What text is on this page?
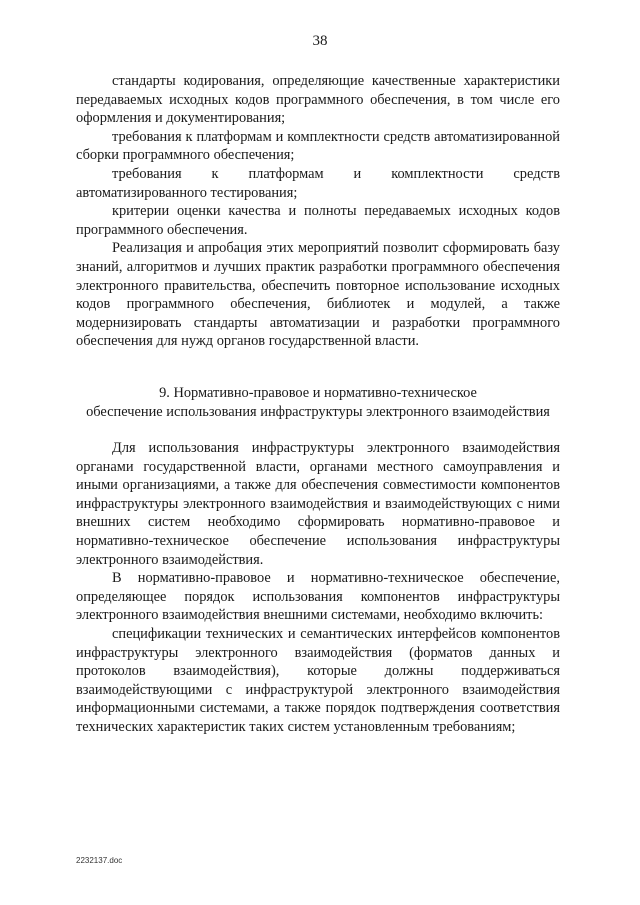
38

стандарты кодирования, определяющие качественные характеристики передаваемых исходных кодов программного обеспечения, в том числе его оформления и документирования;

требования к платформам и комплектности средств автоматизированной сборки программного обеспечения;

требования к платформам и комплектности средств автоматизированного тестирования;

критерии оценки качества и полноты передаваемых исходных кодов программного обеспечения.

Реализация и апробация этих мероприятий позволит сформировать базу знаний, алгоритмов и лучших практик разработки программного обеспечения электронного правительства, обеспечить повторное использование исходных кодов программного обеспечения, библиотек и модулей, а также модернизировать стандарты автоматизации и разработки программного обеспечения для нужд органов государственной власти.

9. Нормативно-правовое и нормативно-техническое
обеспечение использования инфраструктуры электронного взаимодействия

Для использования инфраструктуры электронного взаимодействия органами государственной власти, органами местного самоуправления и иными организациями, а также для обеспечения совместимости компонентов инфраструктуры электронного взаимодействия и взаимодействующих с ними внешних систем необходимо сформировать нормативно-правовое и нормативно-техническое обеспечение использования инфраструктуры электронного взаимодействия.

В нормативно-правовое и нормативно-техническое обеспечение, определяющее порядок использования компонентов инфраструктуры электронного взаимодействия внешними системами, необходимо включить:

спецификации технических и семантических интерфейсов компонентов инфраструктуры электронного взаимодействия (форматов данных и протоколов взаимодействия), которые должны поддерживаться взаимодействующими с инфраструктурой электронного взаимодействия информационными системами, а также порядок подтверждения соответствия технических характеристик таких систем установленным требованиям;

2232137.doc
